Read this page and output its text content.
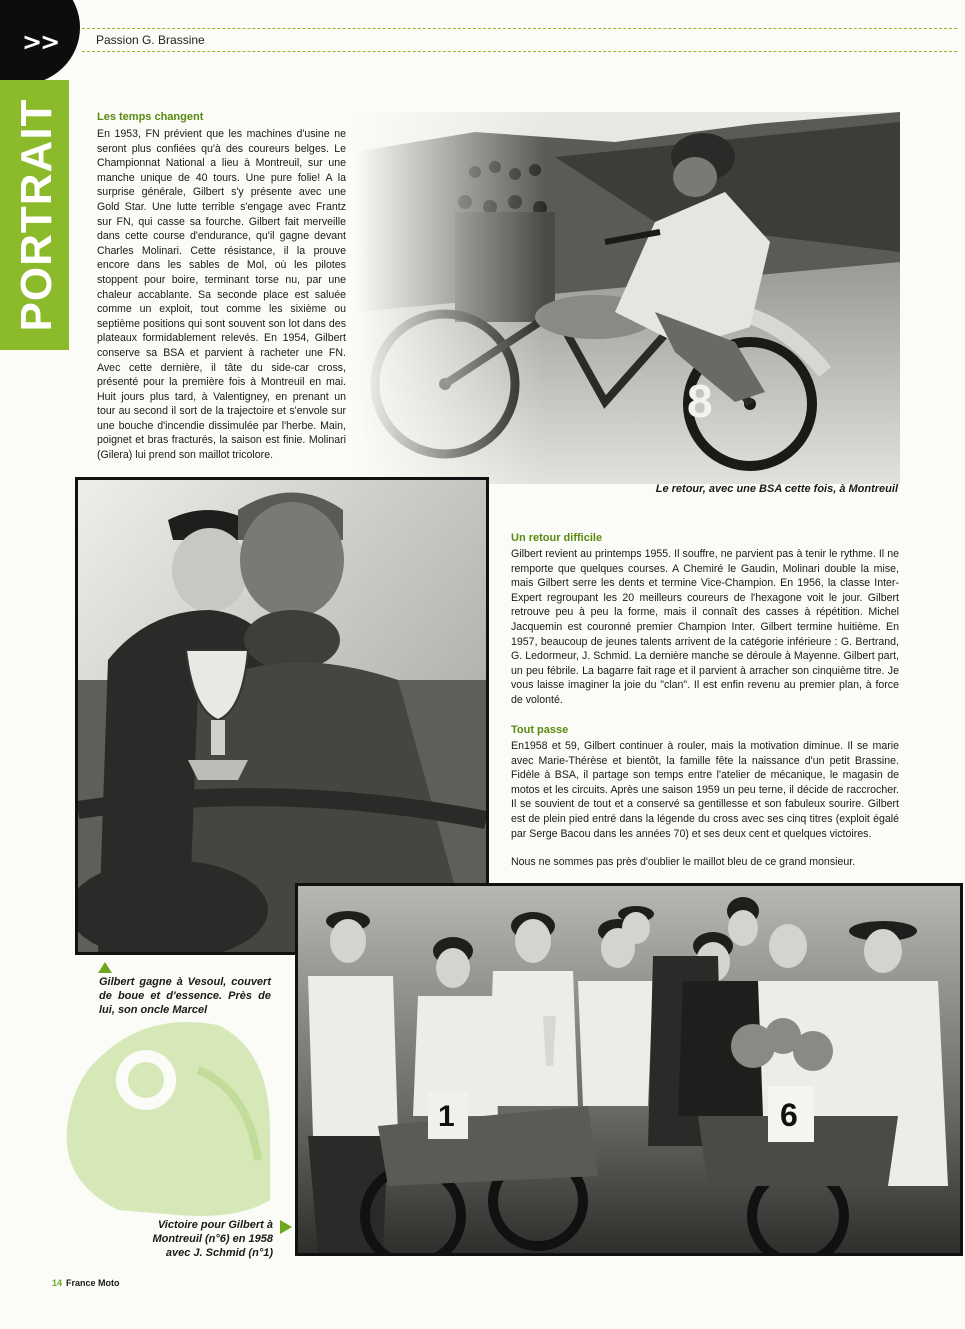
>>	Passion G. Brassine
PORTRAIT	Les temps changent
En 1953, FN prévient que les machines d'usine ne seront plus confiées qu'à des coureurs belges. Le Championnat National a lieu à Montreuil, sur une manche unique de 40 tours. Une pure folie! A la surprise générale, Gilbert s'y présente avec une Gold Star. Une lutte terrible s'engage avec Frantz sur FN, qui casse sa fourche. Gilbert fait merveille dans cette course d'endurance, qu'il gagne devant Charles Molinari. Cette résistance, il la prouve encore dans les sables de Mol, où les pilotes stoppent pour boire, terminant torse nu, par une chaleur accablante. Sa seconde place est saluée comme un exploit, tout comme les sixième ou septième positions qui sont souvent son lot dans des plateaux formidablement relevés. En 1954, Gilbert conserve sa BSA et parvient à racheter une FN. Avec cette dernière, il tâte du side-car cross, présenté pour la première fois à Montreuil en mai. Huit jours plus tard, à Valentigney, en prenant un tour au second il sort de la trajectoire et s'envole sur une bouche d'incendie dissimulée par l'herbe. Main, poignet et bras fracturés, la saison est finie. Molinari (Gilera) lui prend son maillot tricolore.
Le retour, avec une BSA cette fois, à Montreuil
Gilbert gagne à Vesoul, couvert de boue et d'essence. Près de lui, son oncle Marcel
Un retour difficile
Gilbert revient au printemps 1955. Il souffre, ne parvient pas à tenir le rythme. Il ne remporte que quelques courses. A Chemiré le Gaudin, Molinari double la mise, mais Gilbert serre les dents et termine Vice-Champion. En 1956, la classe Inter-Expert regroupant les 20 meilleurs coureurs de l'hexagone voit le jour. Gilbert retrouve peu à peu la forme, mais il connaît des casses à répétition. Michel Jacquemin est couronné premier Champion Inter. Gilbert termine huitième. En 1957, beaucoup de jeunes talents arrivent de la catégorie inférieure : G. Bertrand, G. Ledormeur, J. Schmid. La dernière manche se déroule à Mayenne. Gilbert part, un peu fébrile. La bagarre fait rage et il parvient à arracher son cinquième titre. Je vous laisse imaginer la joie du "clan". Il est enfin revenu au premier plan, à force de volonté.
Tout passe
En1958 et 59, Gilbert continuer à rouler, mais la motivation diminue. Il se marie avec Marie-Thérèse et bientôt, la famille fête la naissance d'un petit Brassine. Fidèle à BSA, il partage son temps entre l'atelier de mécanique, le magasin de motos et les circuits. Après une saison 1959 un peu terne, il décide de raccrocher. Il se souvient de tout et a conservé sa gentillesse et son fabuleux sourire. Gilbert est de plein pied entré dans la légende du cross avec ses cinq titres (exploit égalé par Serge Bacou dans les années 70) et ses deux cent et quelques victoires.
Nous ne sommes pas près d'oublier le maillot bleu de ce grand monsieur.
1	6
Victoire pour Gilbert à Montreuil (n°6) en 1958 avec J. Schmid (n°1)
14 France Moto
